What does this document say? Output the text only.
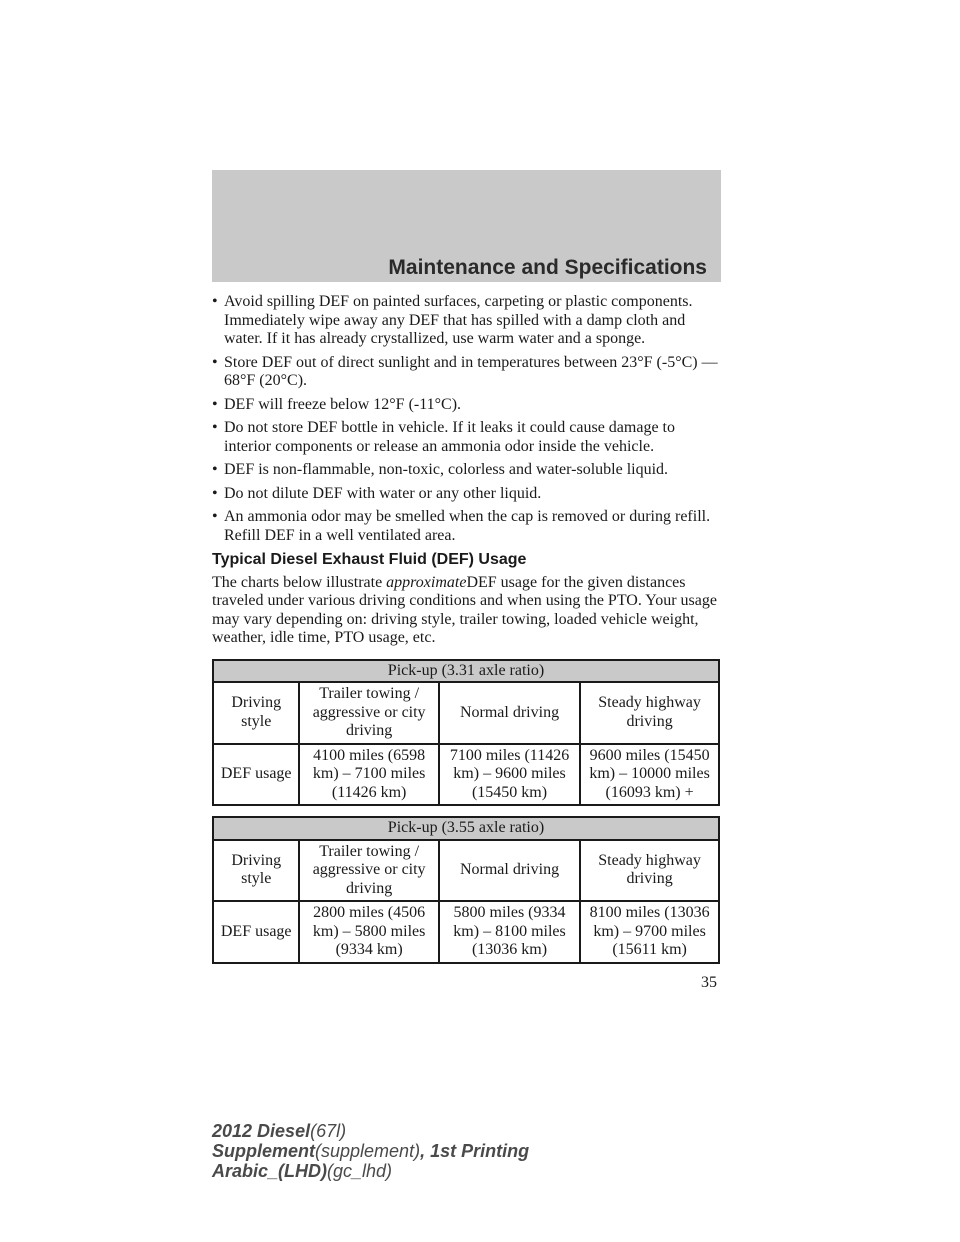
Maintenance and Specifications
• Avoid spilling DEF on painted surfaces, carpeting or plastic components. Immediately wipe away any DEF that has spilled with a damp cloth and water. If it has already crystallized, use warm water and a sponge.
• Store DEF out of direct sunlight and in temperatures between 23°F (-5°C) — 68°F (20°C).
• DEF will freeze below 12°F (-11°C).
• Do not store DEF bottle in vehicle. If it leaks it could cause damage to interior components or release an ammonia odor inside the vehicle.
• DEF is non-flammable, non-toxic, colorless and water-soluble liquid.
• Do not dilute DEF with water or any other liquid.
• An ammonia odor may be smelled when the cap is removed or during refill. Refill DEF in a well ventilated area.
Typical Diesel Exhaust Fluid (DEF) Usage

The charts below illustrate approximateDEF usage for the given distances traveled under various driving conditions and when using the PTO. Your usage may vary depending on: driving style, trailer towing, loaded vehicle weight, weather, idle time, PTO usage, etc.

Pick-up (3.31 axle ratio)			
Driving style	Trailer towing / aggressive or city driving	Normal driving	Steady highway driving
DEF usage	4100 miles (6598 km) – 7100 miles (11426 km)	7100 miles (11426 km) – 9600 miles (15450 km)	9600 miles (15450 km) – 10000 miles (16093 km) +
Pick-up (3.55 axle ratio)			
Driving style	Trailer towing / aggressive or city driving	Normal driving	Steady highway driving
DEF usage	2800 miles (4506 km) – 5800 miles (9334 km)	5800 miles (9334 km) – 8100 miles (13036 km)	8100 miles (13036 km) – 9700 miles (15611 km)
35
2012 Diesel(67l)
Supplement(supplement), 1st Printing
Arabic_(LHD)(gc_lhd)
